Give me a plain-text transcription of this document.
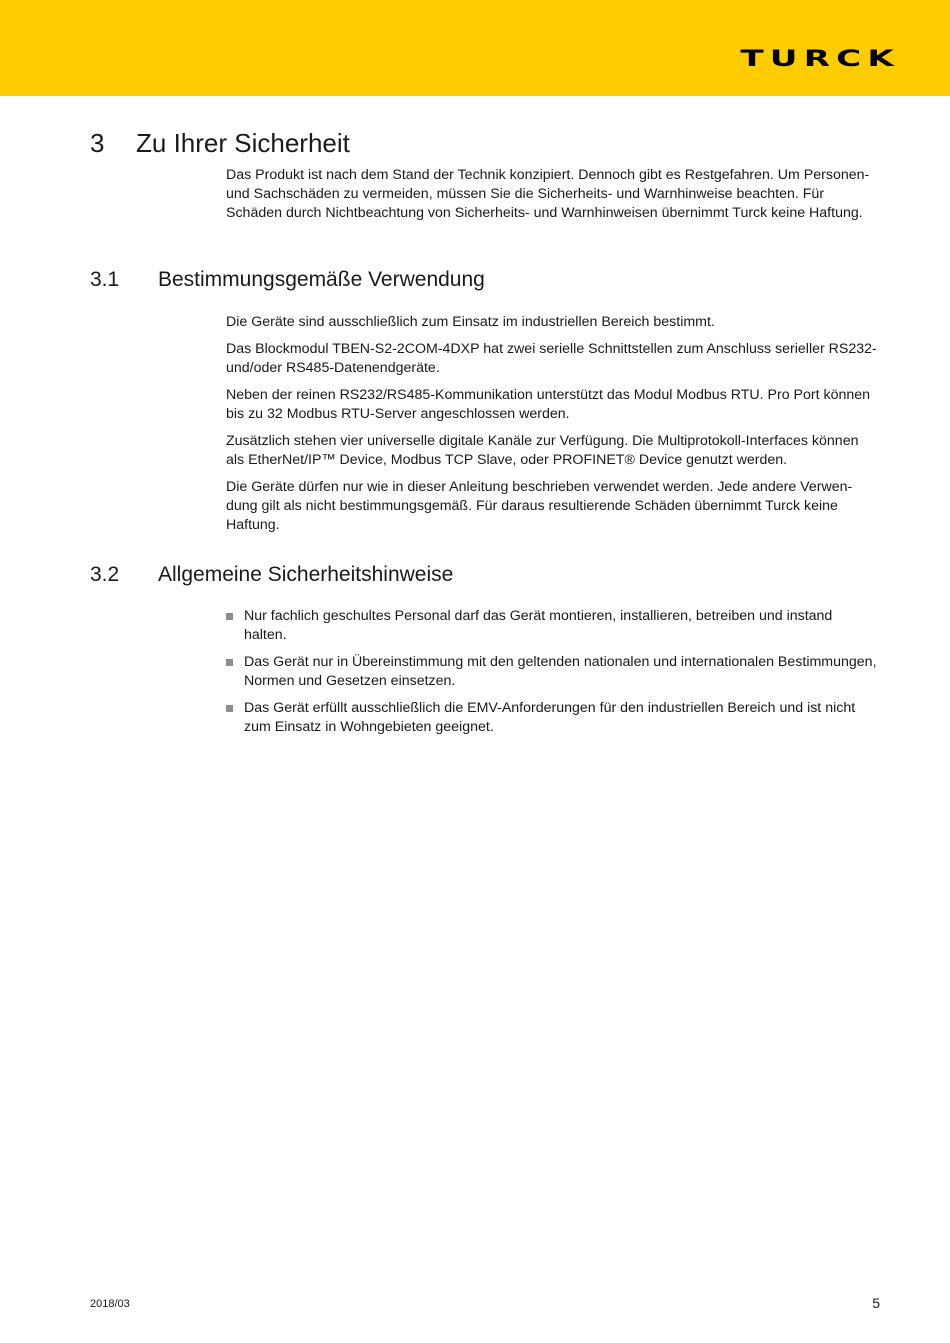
TURCK
3	Zu Ihrer Sicherheit

Das Produkt ist nach dem Stand der Technik konzipiert. Dennoch gibt es Restgefahren. Um Personen- und Sachschäden zu vermeiden, müssen Sie die Sicherheits- und Warnhinweise beachten. Für Schäden durch Nichtbeachtung von Sicherheits- und Warnhinweisen übernimmt Turck keine Haftung.

3.1	Bestimmungsgemäße Verwendung

Die Geräte sind ausschließlich zum Einsatz im industriellen Bereich bestimmt.

Das Blockmodul TBEN-S2-2COM-4DXP hat zwei serielle Schnittstellen zum Anschluss serieller RS232- und/oder RS485-Datenendgeräte.

Neben der reinen RS232/RS485-Kommunikation unterstützt das Modul Modbus RTU. Pro Port können bis zu 32 Modbus RTU-Server angeschlossen werden.

Zusätzlich stehen vier universelle digitale Kanäle zur Verfügung. Die Multiprotokoll-Interfaces können als EtherNet/IP™ Device, Modbus TCP Slave, oder PROFINET® Device genutzt werden.

Die Geräte dürfen nur wie in dieser Anleitung beschrieben verwendet werden. Jede andere Verwendung gilt als nicht bestimmungsgemäß. Für daraus resultierende Schäden übernimmt Turck keine Haftung.

3.2	Allgemeine Sicherheitshinweise
Nur fachlich geschultes Personal darf das Gerät montieren, installieren, betreiben und instand halten.
Das Gerät nur in Übereinstimmung mit den geltenden nationalen und internationalen Bestimmungen, Normen und Gesetzen einsetzen.
Das Gerät erfüllt ausschließlich die EMV-Anforderungen für den industriellen Bereich und ist nicht zum Einsatz in Wohngebieten geeignet.
2018/03	5
